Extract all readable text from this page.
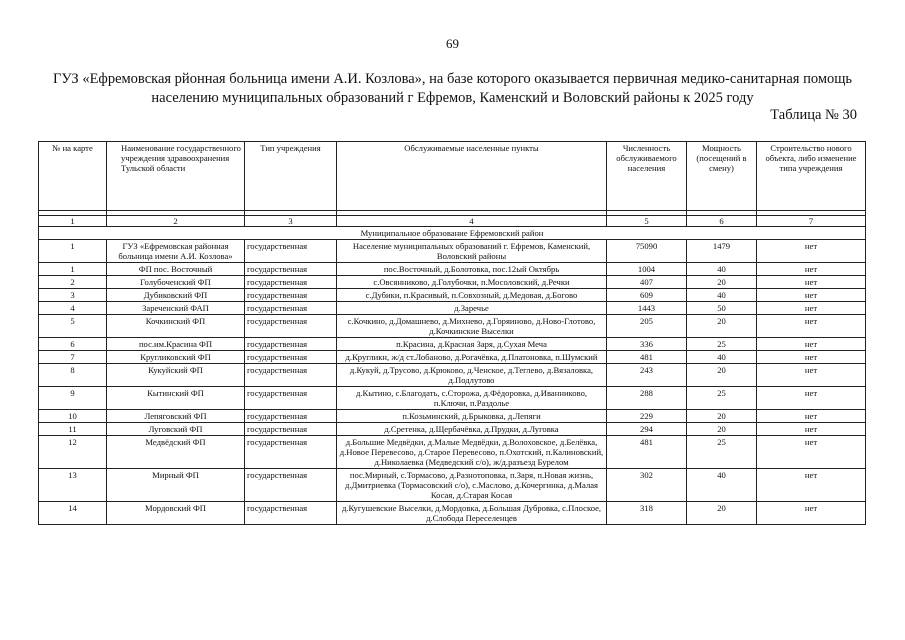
69
ГУЗ «Ефремовская рйонная больница имени А.И. Козлова», на базе которого оказывается первичная медико-санитарная помощь населению муниципальных образований г Ефремов, Каменский и Воловский районы к 2025 году
Таблица № 30
№ на карте	Наименование государственного учреждения здравоохранения Тульской области	Тип учреждения	Обслуживаемые населенные пункты	Численность обслуживаемого населения	Мощность (посещений в смену)	Строительство нового объекта, либо изменение типа учреждения

1	2	3	4	5	6	7
Муниципальное образование Ефремовский район						
1	ГУЗ «Ефремовская районная больница имени А.И. Козлова»	государственная	Население муниципальных образований г. Ефремов, Каменский, Воловский районы	75090	1479	нет
1	ФП пос. Восточный	государственная	пос.Восточный, д.Болотовка, пос.12ый Октябрь	1004	40	нет
2	Голубоченский ФП	государственная	с.Овсянниково, д.Голубочки, п.Мосоловский, д.Речки	407	20	нет
3	Дубиковский ФП	государственная	с.Дубики, п.Красивый, п.Совхозный, д.Медовая, д.Богово	609	40	нет
4	Зареченский ФАП	государственная	д.Заречье	1443	50	нет
5	Кочкинский ФП	государственная	с.Кочкино, д.Домашнево, д.Михнево, д.Горяиново, д.Ново-Глотово, д.Кочкинские Выселки	205	20	нет
6	пос.им.Красина ФП	государственная	п.Красина, д.Красная Заря, д.Сухая Меча	336	25	нет
7	Кругликовский ФП	государственная	д.Кругликн, ж/д ст.Лобаново, д.Рогачёвка, д.Платоновка, п.Шумский	481	40	нет
8	Кукуйский ФП	государственная	д.Кукуй, д.Трусово, д.Крюково, д.Ченское, д.Теглево, д.Вязаловка, д.Подлутово	243	20	нет
9	Кытинский ФП	государственная	д.Кытино, с.Благодать, с.Сторожа, д.Фёдоровка, д.Иванниково, п.Ключи, п.Раздолье	288	25	нет
10	Лепяговский ФП	государственная	п.Козьминский, д.Брыковка, д.Лепяги	229	20	нет
11	Луговский ФП	государственная	д.Сретенка, д.Щербачёвка, д.Прудки, д.Луговка	294	20	нет
12	Медвёдский ФП	государственная	д.Большие Медвёдки, д.Малые Медвёдки, д.Волоховское, д.Белёвка, д.Новое Перевесово, д.Старое Перевесово, п.Охотский, п.Калиновский, д.Николаевка (Медведский с/о), ж/д.разъезд Бурелом	481	25	нет
13	Мирный ФП	государственная	пос.Мирный, с.Тормасово, д.Разнотоповка, п.Заря, п.Новая жизнь, д.Дмитриевка (Тормасовский с/о), с.Маслово, д.Кочергинка, д.Малая Косая, д.Старая Косая	302	40	нет
14	Мордовский ФП	государственная	д.Кугушевские Выселки, д.Мордовка, д.Большая Дубровка, с.Плоское, д.Слобода Переселенцев	318	20	нет
